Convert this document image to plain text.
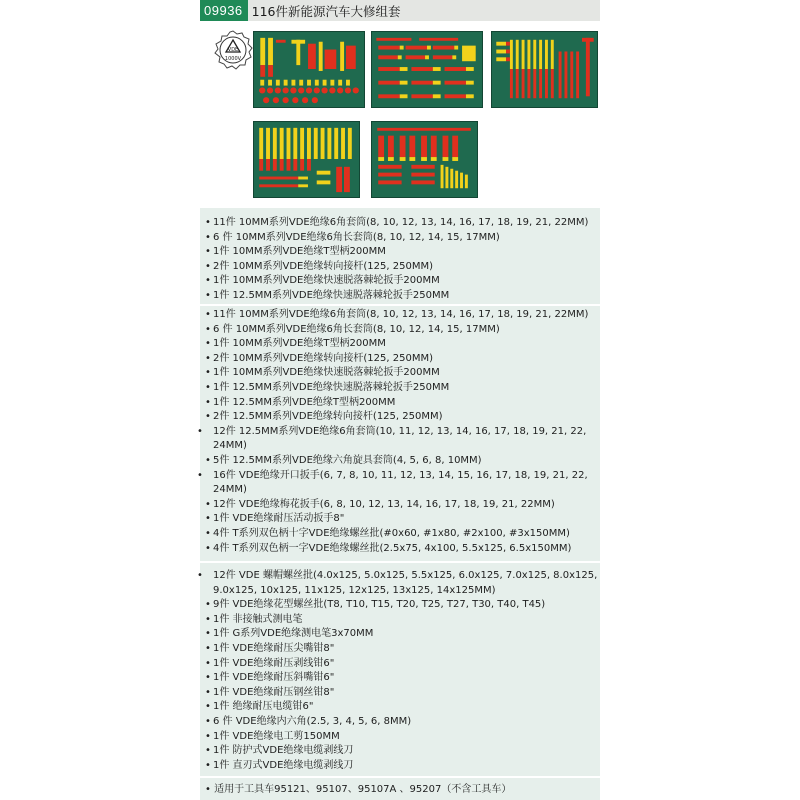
09936 116件新能源汽车大修组套
VDE
1000V
• 11件 10MM系列VDE绝缘6角套筒(8, 10, 12, 13, 14, 16, 17, 18, 19, 21, 22MM)
• 6 件 10MM系列VDE绝缘6角长套筒(8, 10, 12, 14, 15, 17MM)
• 1件 10MM系列VDE绝缘T型柄200MM
• 2件 10MM系列VDE绝缘转向接杆(125, 250MM)
• 1件 10MM系列VDE绝缘快速脱落棘轮扳手200MM
• 1件 12.5MM系列VDE绝缘快速脱落棘轮扳手250MM
• 11件 10MM系列VDE绝缘6角套筒(8, 10, 12, 13, 14, 16, 17, 18, 19, 21, 22MM)
• 6 件 10MM系列VDE绝缘6角长套筒(8, 10, 12, 14, 15, 17MM)
• 1件 10MM系列VDE绝缘T型柄200MM
• 2件 10MM系列VDE绝缘转向接杆(125, 250MM)
• 1件 10MM系列VDE绝缘快速脱落棘轮扳手200MM
• 1件 12.5MM系列VDE绝缘快速脱落棘轮扳手250MM
• 1件 12.5MM系列VDE绝缘T型柄200MM
• 2件 12.5MM系列VDE绝缘转向接杆(125, 250MM)
• 12件 12.5MM系列VDE绝缘6角套筒(10, 11, 12, 13, 14, 16, 17, 18, 19, 21, 22, 24MM)
• 5件 12.5MM系列VDE绝缘六角旋具套筒(4, 5, 6, 8, 10MM)
• 16件 VDE绝缘开口扳手(6, 7, 8, 10, 11, 12, 13, 14, 15, 16, 17, 18, 19, 21, 22, 24MM)
• 12件 VDE绝缘梅花扳手(6, 8, 10, 12, 13, 14, 16, 17, 18, 19, 21, 22MM)
• 1件 VDE绝缘耐压活动扳手8"
• 4件 T系列双色柄十字VDE绝缘螺丝批(#0x60, #1x80, #2x100, #3x150MM)
• 4件 T系列双色柄一字VDE绝缘螺丝批(2.5x75, 4x100, 5.5x125, 6.5x150MM)
• 12件 VDE 螺帽螺丝批(4.0x125, 5.0x125, 5.5x125, 6.0x125, 7.0x125, 8.0x125, 9.0x125, 10x125, 11x125, 12x125, 13x125, 14x125MM)
• 9件 VDE绝缘花型螺丝批(T8, T10, T15, T20, T25, T27, T30, T40, T45)
• 1件 非接触式测电笔
• 1件 G系列VDE绝缘测电笔3x70MM
• 1件 VDE绝缘耐压尖嘴钳8"
• 1件 VDE绝缘耐压剥线钳6"
• 1件 VDE绝缘耐压斜嘴钳6"
• 1件 VDE绝缘耐压钢丝钳8"
• 1件 绝缘耐压电缆钳6"
• 6 件 VDE绝缘内六角(2.5, 3, 4, 5, 6, 8MM)
• 1件 VDE绝缘电工剪150MM
• 1件 防护式VDE绝缘电缆剥线刀
• 1件 直刃式VDE绝缘电缆剥线刀
• 适用于工具车95121、95107、95107A 、95207（不含工具车）
